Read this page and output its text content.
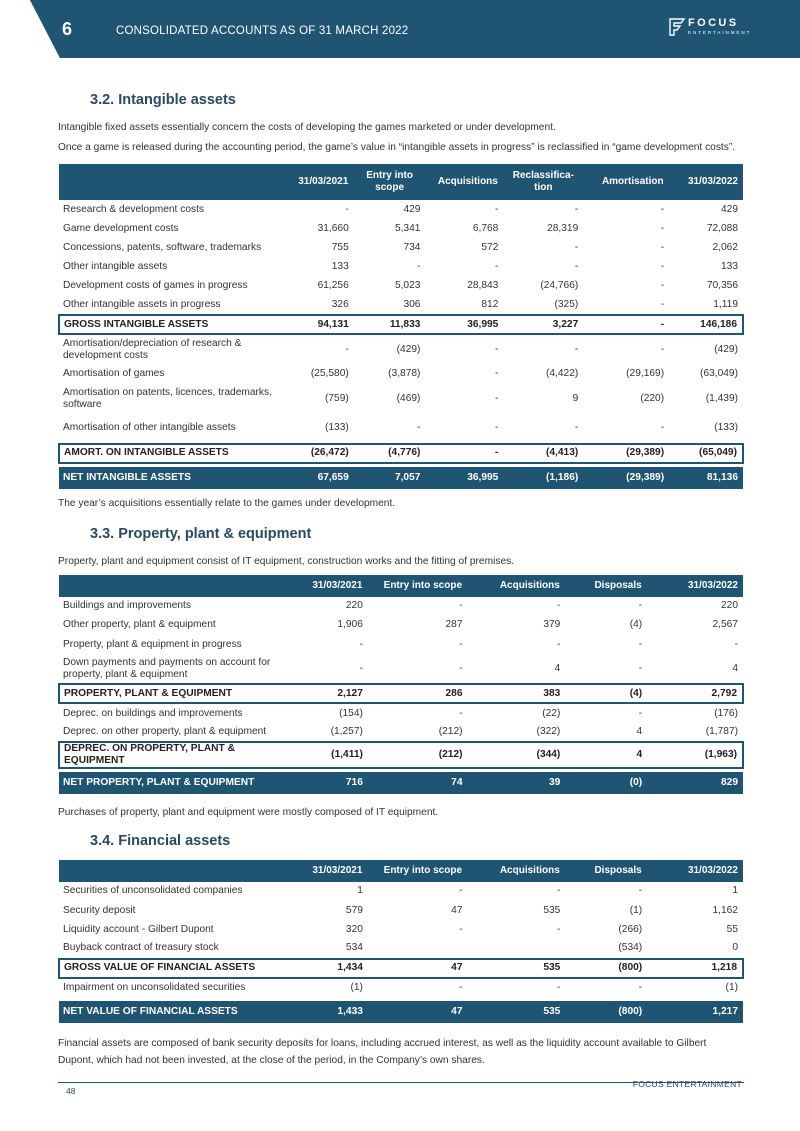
6	CONSOLIDATED ACCOUNTS AS OF 31 MARCH 2022
FOCUS
ENTERTAINMENT
3.2. Intangible assets

Intangible fixed assets essentially concern the costs of developing the games marketed or under development.

Once a game is released during the accounting period, the game’s value in “intangible assets in progress” is reclassified in “game development costs”.

	31/03/2021	Entry into scope	Acquisitions	Reclassifica-tion	Amortisation	31/03/2022
Research & development costs	-	429	-	-	-	429
Game development costs	31,660	5,341	6,768	28,319	-	72,088
Concessions, patents, software, trademarks	755	734	572	-	-	2,062
Other intangible assets	133	-	-	-	-	133
Development costs of games in progress	61,256	5,023	28,843	(24,766)	-	70,356
Other intangible assets in progress	326	306	812	(325)	-	1,119
GROSS INTANGIBLE ASSETS	94,131	11,833	36,995	3,227	-	146,186
Amortisation/depreciation of research & development costs	-	(429)	-	-	-	(429)
Amortisation of games	(25,580)	(3,878)	-	(4,422)	(29,169)	(63,049)
Amortisation on patents, licences, trademarks, software	(759)	(469)	-	9	(220)	(1,439)
Amortisation of other intangible assets	(133)	-	-	-	-	(133)
AMORT. ON INTANGIBLE ASSETS	(26,472)	(4,776)	-	(4,413)	(29,389)	(65,049)

NET INTANGIBLE ASSETS	67,659	7,057	36,995	(1,186)	(29,389)	81,136

The year’s acquisitions essentially relate to the games under development.

3.3. Property, plant & equipment

Property, plant and equipment consist of IT equipment, construction works and the fitting of premises.

	31/03/2021	Entry into scope	Acquisitions	Disposals	31/03/2022
Buildings and improvements	220	-	-	-	220
Other property, plant & equipment	1,906	287	379	(4)	2,567
Property, plant & equipment in progress	-	-	-	-	-
Down payments and payments on account for property, plant & equipment	-	-	4	-	4
PROPERTY, PLANT & EQUIPMENT	2,127	286	383	(4)	2,792
Deprec. on buildings and improvements	(154)	-	(22)	-	(176)
Deprec. on other property, plant & equipment	(1,257)	(212)	(322)	4	(1,787)
DEPREC. ON PROPERTY, PLANT & EQUIPMENT	(1,411)	(212)	(344)	4	(1,963)

NET PROPERTY, PLANT & EQUIPMENT	716	74	39	(0)	829

Purchases of property, plant and equipment were mostly composed of IT equipment.

3.4. Financial assets
	31/03/2021	Entry into scope	Acquisitions	Disposals	31/03/2022
Securities of unconsolidated companies	1	-	-	-	1
Security deposit	579	47	535	(1)	1,162
Liquidity account - Gilbert Dupont	320	-	-	(266)	55
Buyback contract of treasury stock	534			(534)	0
GROSS VALUE OF FINANCIAL ASSETS	1,434	47	535	(800)	1,218
Impairment on unconsolidated securities	(1)	-	-	-	(1)

NET VALUE OF FINANCIAL ASSETS	1,433	47	535	(800)	1,217

Financial assets are composed of bank security deposits for loans, including accrued interest, as well as the liquidity account available to Gilbert Dupont, which had not been invested, at the close of the period, in the Company’s own shares.

48
FOCUS ENTERTAINMENT
